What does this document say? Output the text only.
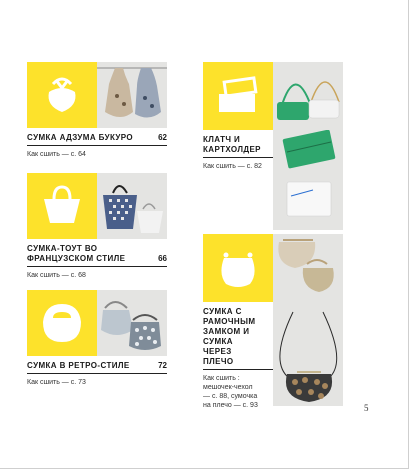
СУМКА АДЗУМА БУКУРО	62
Как сшить — с. 64
СУМКА-ТОУТ ВО ФРАНЦУЗСКОМ СТИЛЕ	66
Как сшить — с. 68
СУМКА В РЕТРО-СТИЛЕ	72
Как сшить — с. 73
КЛАТЧ И КАРТХОЛДЕР
Как сшить — с. 82
СУМКА С РАМОЧНЫМ ЗАМКОМ И СУМКА ЧЕРЕЗ ПЛЕЧО
Как сшить : мешочек-чехол — с. 88, сумочка на плечо — с. 93	5
